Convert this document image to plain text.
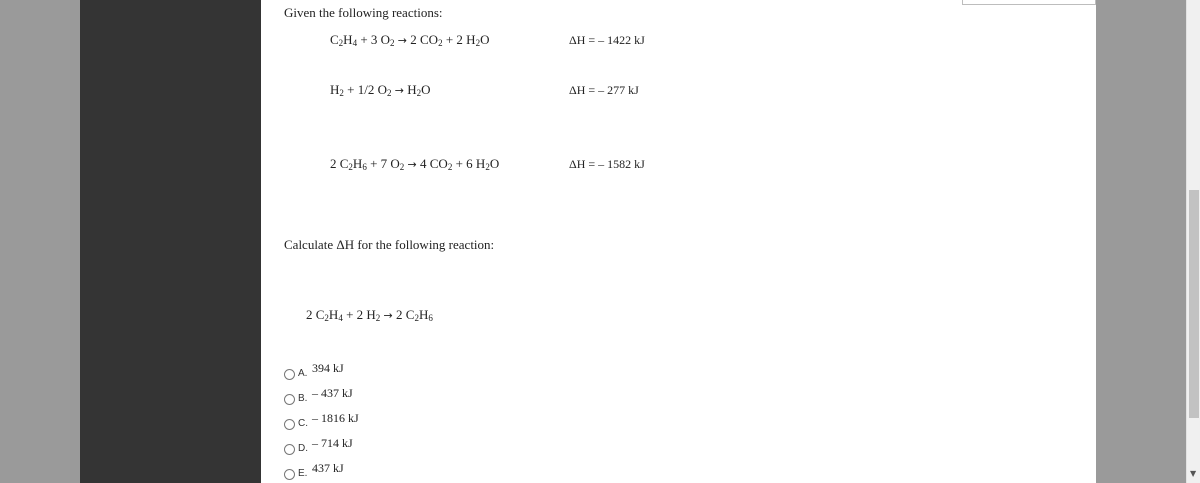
▼
Given the following reactions:
$C_2H_4 + 3$ $O_2 \to 2$ $CO_2 + 2$ $H_2O$	ΔH = – 1422 kJ
$H_2 + 1/2$ $O_2 \to H_2O$	ΔH = – 277 kJ
2 $C_2H_6 + 7$ $O_2 \to 4$ $CO_2 + 6$ $H_2O$	ΔH = – 1582 kJ
Calculate ΔH for the following reaction:
2 $C_2H_4 + 2$ $H_2 \to 2$ $C_2H_6$
A. 394 kJ
B. – 437 kJ
C. – 1816 kJ
D. – 714 kJ
E. 437 kJ
